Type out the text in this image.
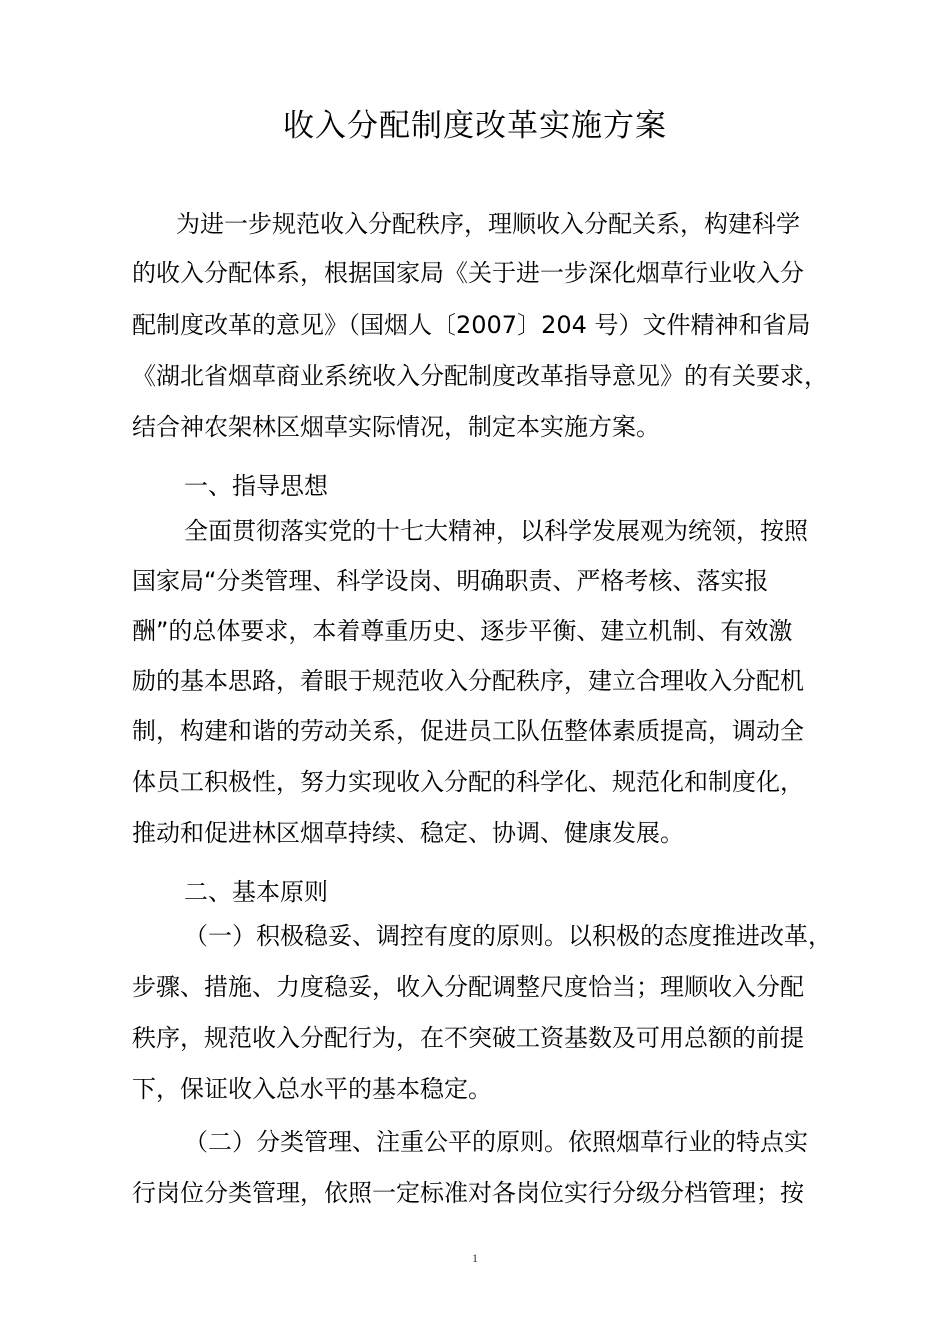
收入分配制度改革实施方案

为进一步规范收入分配秩序，理顺收入分配关系，构建科学

的收入分配体系，根据国家局《关于进一步深化烟草行业收入分

配制度改革的意见》（国烟人〔2007〕204 号）文件精神和省局

《湖北省烟草商业系统收入分配制度改革指导意见》的有关要求，

结合神农架林区烟草实际情况，制定本实施方案。

一、指导思想

全面贯彻落实党的十七大精神，以科学发展观为统领，按照

国家局“分类管理、科学设岗、明确职责、严格考核、落实报

酬”的总体要求，本着尊重历史、逐步平衡、建立机制、有效激

励的基本思路，着眼于规范收入分配秩序，建立合理收入分配机

制，构建和谐的劳动关系，促进员工队伍整体素质提高，调动全

体员工积极性，努力实现收入分配的科学化、规范化和制度化，

推动和促进林区烟草持续、稳定、协调、健康发展。

二、基本原则

（一）积极稳妥、调控有度的原则。以积极的态度推进改革，

步骤、措施、力度稳妥，收入分配调整尺度恰当；理顺收入分配

秩序，规范收入分配行为，在不突破工资基数及可用总额的前提

下，保证收入总水平的基本稳定。

（二）分类管理、注重公平的原则。依照烟草行业的特点实

行岗位分类管理，依照一定标准对各岗位实行分级分档管理；按

1
